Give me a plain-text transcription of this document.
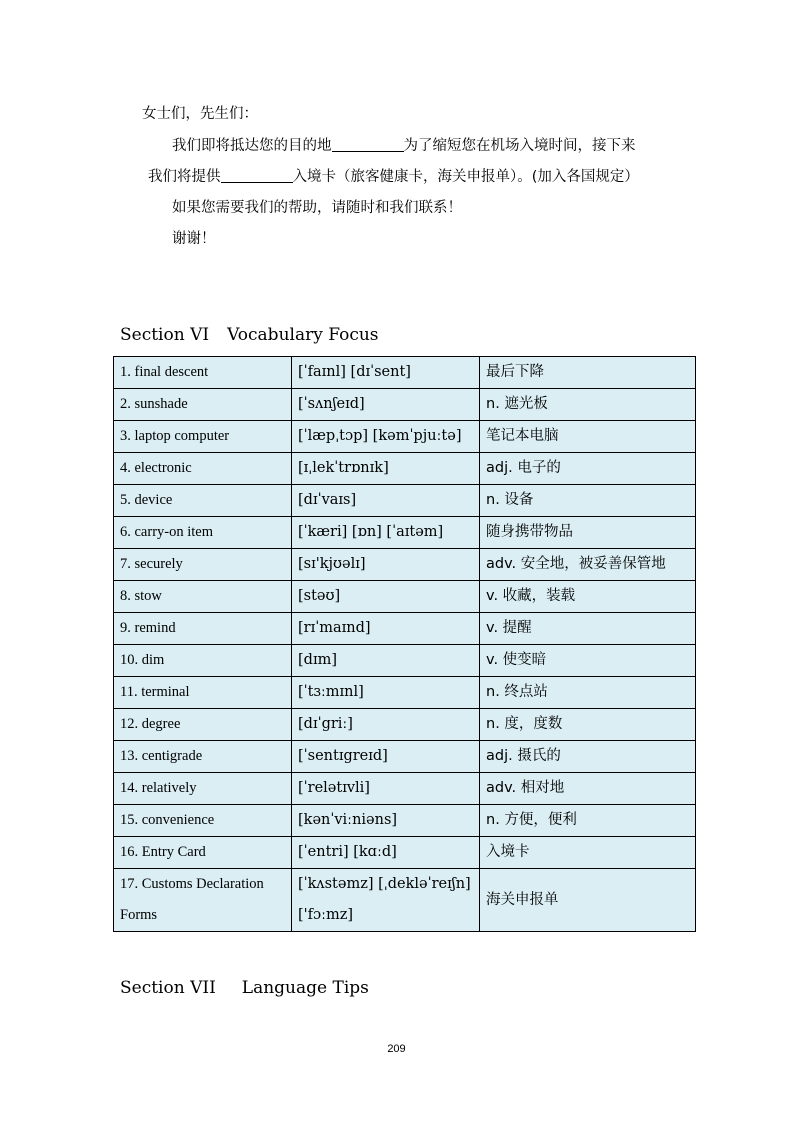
女士们，先生们：
我们即将抵达您的目的地	为了缩短您在机场入境时间，接下来
我们将提供	入境卡（旅客健康卡，海关申报单）。(加入各国规定）
如果您需要我们的帮助，请随时和我们联系！
谢谢！
Section VI Vocabulary Focus
1. final descent	[ˈfaɪnl] [dɪˈsent]	最后下降
2. sunshade	[ˈsʌnʃeɪd]	n. 遮光板
3. laptop computer	[ˈlæpˌtɔp] [kəmˈpjuːtə]	笔记本电脑
4. electronic	[ɪˌlekˈtrɒnɪk]	adj. 电子的
5. device	[dɪˈvaɪs]	n. 设备
6. carry-on item	[ˈkæri] [ɒn] [ˈaɪtəm]	随身携带物品
7. securely	[sɪ'kjʊəlɪ]	adv. 安全地，被妥善保管地
8. stow	[stəʊ]	v. 收藏，装载
9. remind	[rɪˈmaɪnd]	v. 提醒
10. dim	[dɪm]	v. 使变暗
11. terminal	[ˈtɜːmɪnl]	n. 终点站
12. degree	[dɪˈgriː]	n. 度，度数
13. centigrade	[ˈsentɪgreɪd]	adj. 摄氏的
14. relatively	[ˈrelətɪvli]	adv. 相对地
15. convenience	[kənˈviːniəns]	n. 方便，便利
16. Entry Card	[ˈentri] [kɑːd]	入境卡
17. Customs Declaration Forms	[ˈkʌstəmz] [ˌdekləˈreɪʃn] ['fɔːmz]	海关申报单
Section VII Language Tips
209
